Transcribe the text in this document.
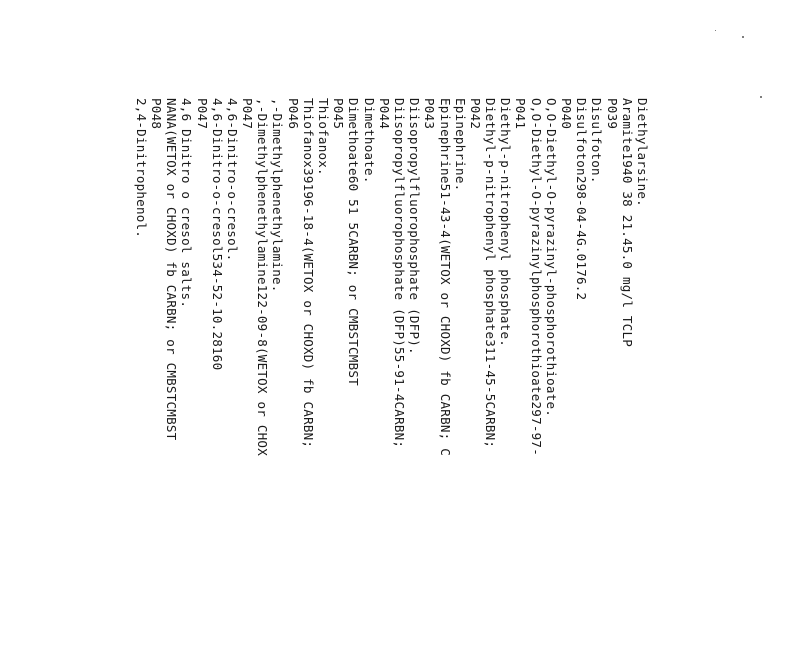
Diethylarsine.
Aramite1940 38 21.45.0 mg/l TCLP
P039
Disulfoton.
Disulfoton298-04-4G.0176.2
P040
O,O-Diethyl-O-pyrazinyl-phosphorothioate.
O,O-Diethyl-O-pyrazinylphosphorothioate297-97-
P041
Diethyl-p-nitrophenyl phosphate.
Diethyl-p-nitrophenyl phosphate311-45-5CARBN;
P042
Epinephrine.
Epinephrine51-43-4(WETOX or CHOXD) fb CARBN; C
P043
Diisopropylfluorophosphate (DFP).
Diisopropylfluorophosphate (DFP)55-91-4CARBN;
P044
Dimethoate.
Dimethoate60 51 5CARBN; or CMBSTCMBST
P045
Thiofanox.
Thiofanox39196-18-4(WETOX or CHOXD) fb CARBN;
P046
,-Dimethylphenethylamine.
,-Dimethylphenethylamine122-09-8(WETOX or CHOX
P047
4,6-Dinitro-o-cresol.
4,6-Dinitro-o-cresol534-52-10.28160
P047
4,6 Dinitro o cresol salts.
NANA(WETOX or CHOXD) fb CARBN; or CMBSTCMBST
P048
2,4-Dinitrophenol.
